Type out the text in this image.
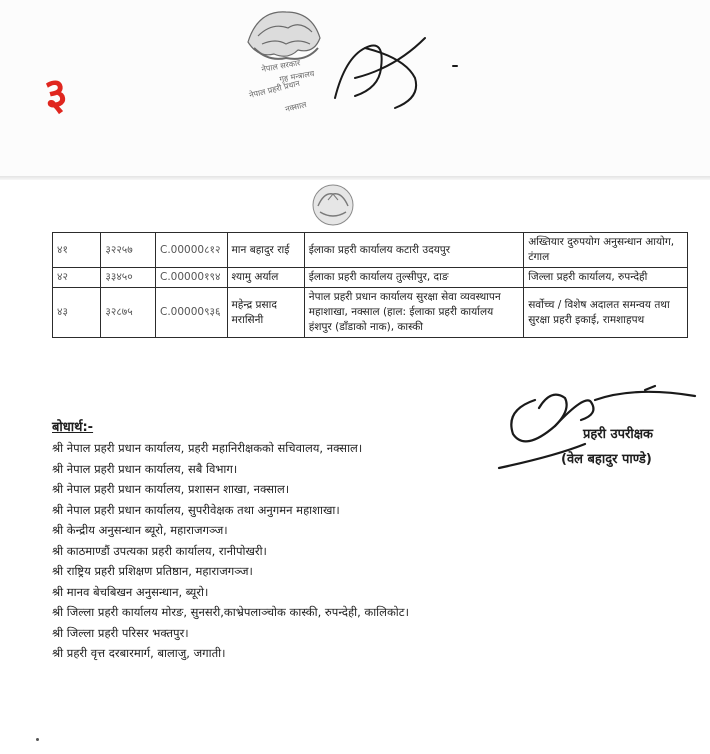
३
नेपाल सरकार
गृह मन्त्रालय
नेपाल प्रहरी प्रधान
नक्साल
४१	३२२५७	C.00000८१२	मान बहादुर राई	ईलाका प्रहरी कार्यालय कटारी उदयपुर	अख्तियार दुरुपयोग अनुसन्धान आयोग, टंगाल
४२	३३४५०	C.00000१९४	श्यामु अर्याल	ईलाका प्रहरी कार्यालय तुल्सीपुर, दाङ	जिल्ला प्रहरी कार्यालय, रुपन्देही
४३	३२८७५	C.00000९३६	महेन्द्र प्रसाद मरासिनी	नेपाल प्रहरी प्रधान कार्यालय सुरक्षा सेवा व्यवस्थापन महाशाखा, नक्साल (हाल: ईलाका प्रहरी कार्यालय हंशपुर (डाँडाको नाक), कास्की	सर्वोच्च / विशेष अदालत समन्वय तथा सुरक्षा प्रहरी इकाई, रामशाहपथ
प्रहरी उपरीक्षक
(वेल बहादुर पाण्डे)
बोधार्थ:-
श्री नेपाल प्रहरी प्रधान कार्यालय, प्रहरी महानिरीक्षकको सचिवालय, नक्साल।
श्री नेपाल प्रहरी प्रधान कार्यालय, सबै विभाग।
श्री नेपाल प्रहरी प्रधान कार्यालय, प्रशासन शाखा, नक्साल।
श्री नेपाल प्रहरी प्रधान कार्यालय, सुपरीवेक्षक तथा अनुगमन महाशाखा।
श्री केन्द्रीय अनुसन्धान ब्यूरो, महाराजगञ्ज।
श्री काठमाण्डौं उपत्यका प्रहरी कार्यालय, रानीपोखरी।
श्री राष्ट्रिय प्रहरी प्रशिक्षण प्रतिष्ठान, महाराजगञ्ज।
श्री मानव बेचबिखन अनुसन्धान, ब्यूरो।
श्री जिल्ला प्रहरी कार्यालय मोरङ, सुनसरी,काभ्रेपलाञ्चोक कास्की, रुपन्देही, कालिकोट।
श्री जिल्ला प्रहरी परिसर भक्तपुर।
श्री प्रहरी वृत्त दरबारमार्ग, बालाजु, जगाती।
